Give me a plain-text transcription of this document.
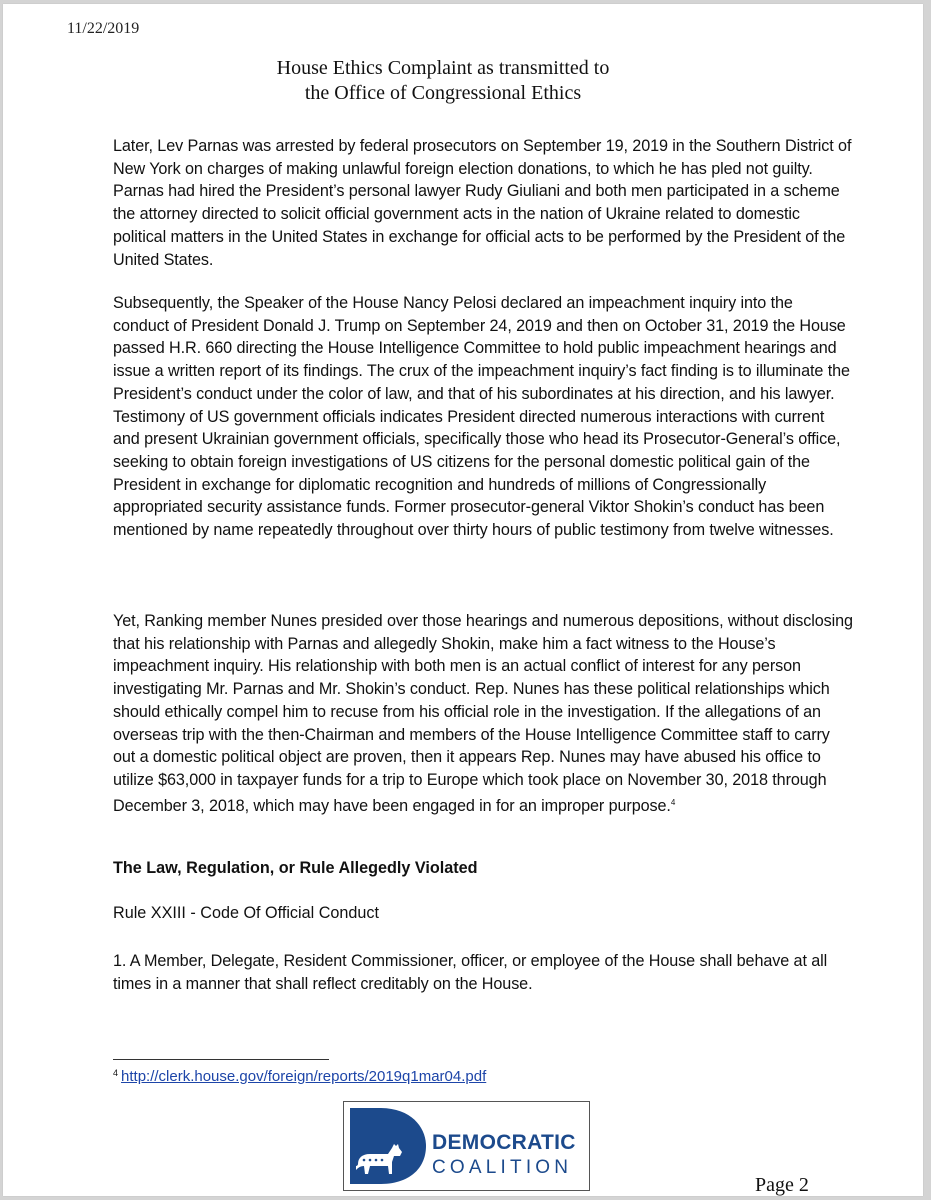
11/22/2019
House Ethics Complaint as transmitted to
the Office of Congressional Ethics
Later, Lev Parnas was arrested by federal prosecutors on September 19, 2019 in the Southern District of New York on charges of making unlawful foreign election donations, to which he has pled not guilty. Parnas had hired the President’s personal lawyer Rudy Giuliani and both men participated in a scheme the attorney directed to solicit official government acts in the nation of Ukraine related to domestic political matters in the United States in exchange for official acts to be performed by the President of the United States.
Subsequently, the Speaker of the House Nancy Pelosi declared an impeachment inquiry into the conduct of President Donald J. Trump on September 24, 2019 and then on October 31, 2019 the House passed H.R. 660 directing the House Intelligence Committee to hold public impeachment hearings and issue a written report of its findings. The crux of the impeachment inquiry’s fact finding is to illuminate the President’s conduct under the color of law, and that of his subordinates at his direction, and his lawyer. Testimony of US government officials indicates President directed numerous interactions with current and present Ukrainian government officials, specifically those who head its Prosecutor-General’s office, seeking to obtain foreign investigations of US citizens for the personal domestic political gain of the President in exchange for diplomatic recognition and hundreds of millions of Congressionally appropriated security assistance funds. Former prosecutor-general Viktor Shokin’s conduct has been mentioned by name repeatedly throughout over thirty hours of public testimony from twelve witnesses.
Yet, Ranking member Nunes presided over those hearings and numerous depositions, without disclosing that his relationship with Parnas and allegedly Shokin, make him a fact witness to the House’s impeachment inquiry. His relationship with both men is an actual conflict of interest for any person investigating Mr. Parnas and Mr. Shokin’s conduct. Rep. Nunes has these political relationships which should ethically compel him to recuse from his official role in the investigation. If the allegations of an overseas trip with the then-Chairman and members of the House Intelligence Committee staff to carry out a domestic political object are proven, then it appears Rep. Nunes may have abused his office to utilize $63,000 in taxpayer funds for a trip to Europe which took place on November 30, 2018 through December 3, 2018, which may have been engaged in for an improper purpose.$^4$
The Law, Regulation, or Rule Allegedly Violated
Rule XXIII - Code Of Official Conduct
1. A Member, Delegate, Resident Commissioner, officer, or employee of the House shall behave at all times in a manner that shall reflect creditably on the House.
$^4$ http://clerk.house.gov/foreign/reports/2019q1mar04.pdf
DEMOCRATIC
COALITION
Page 2
